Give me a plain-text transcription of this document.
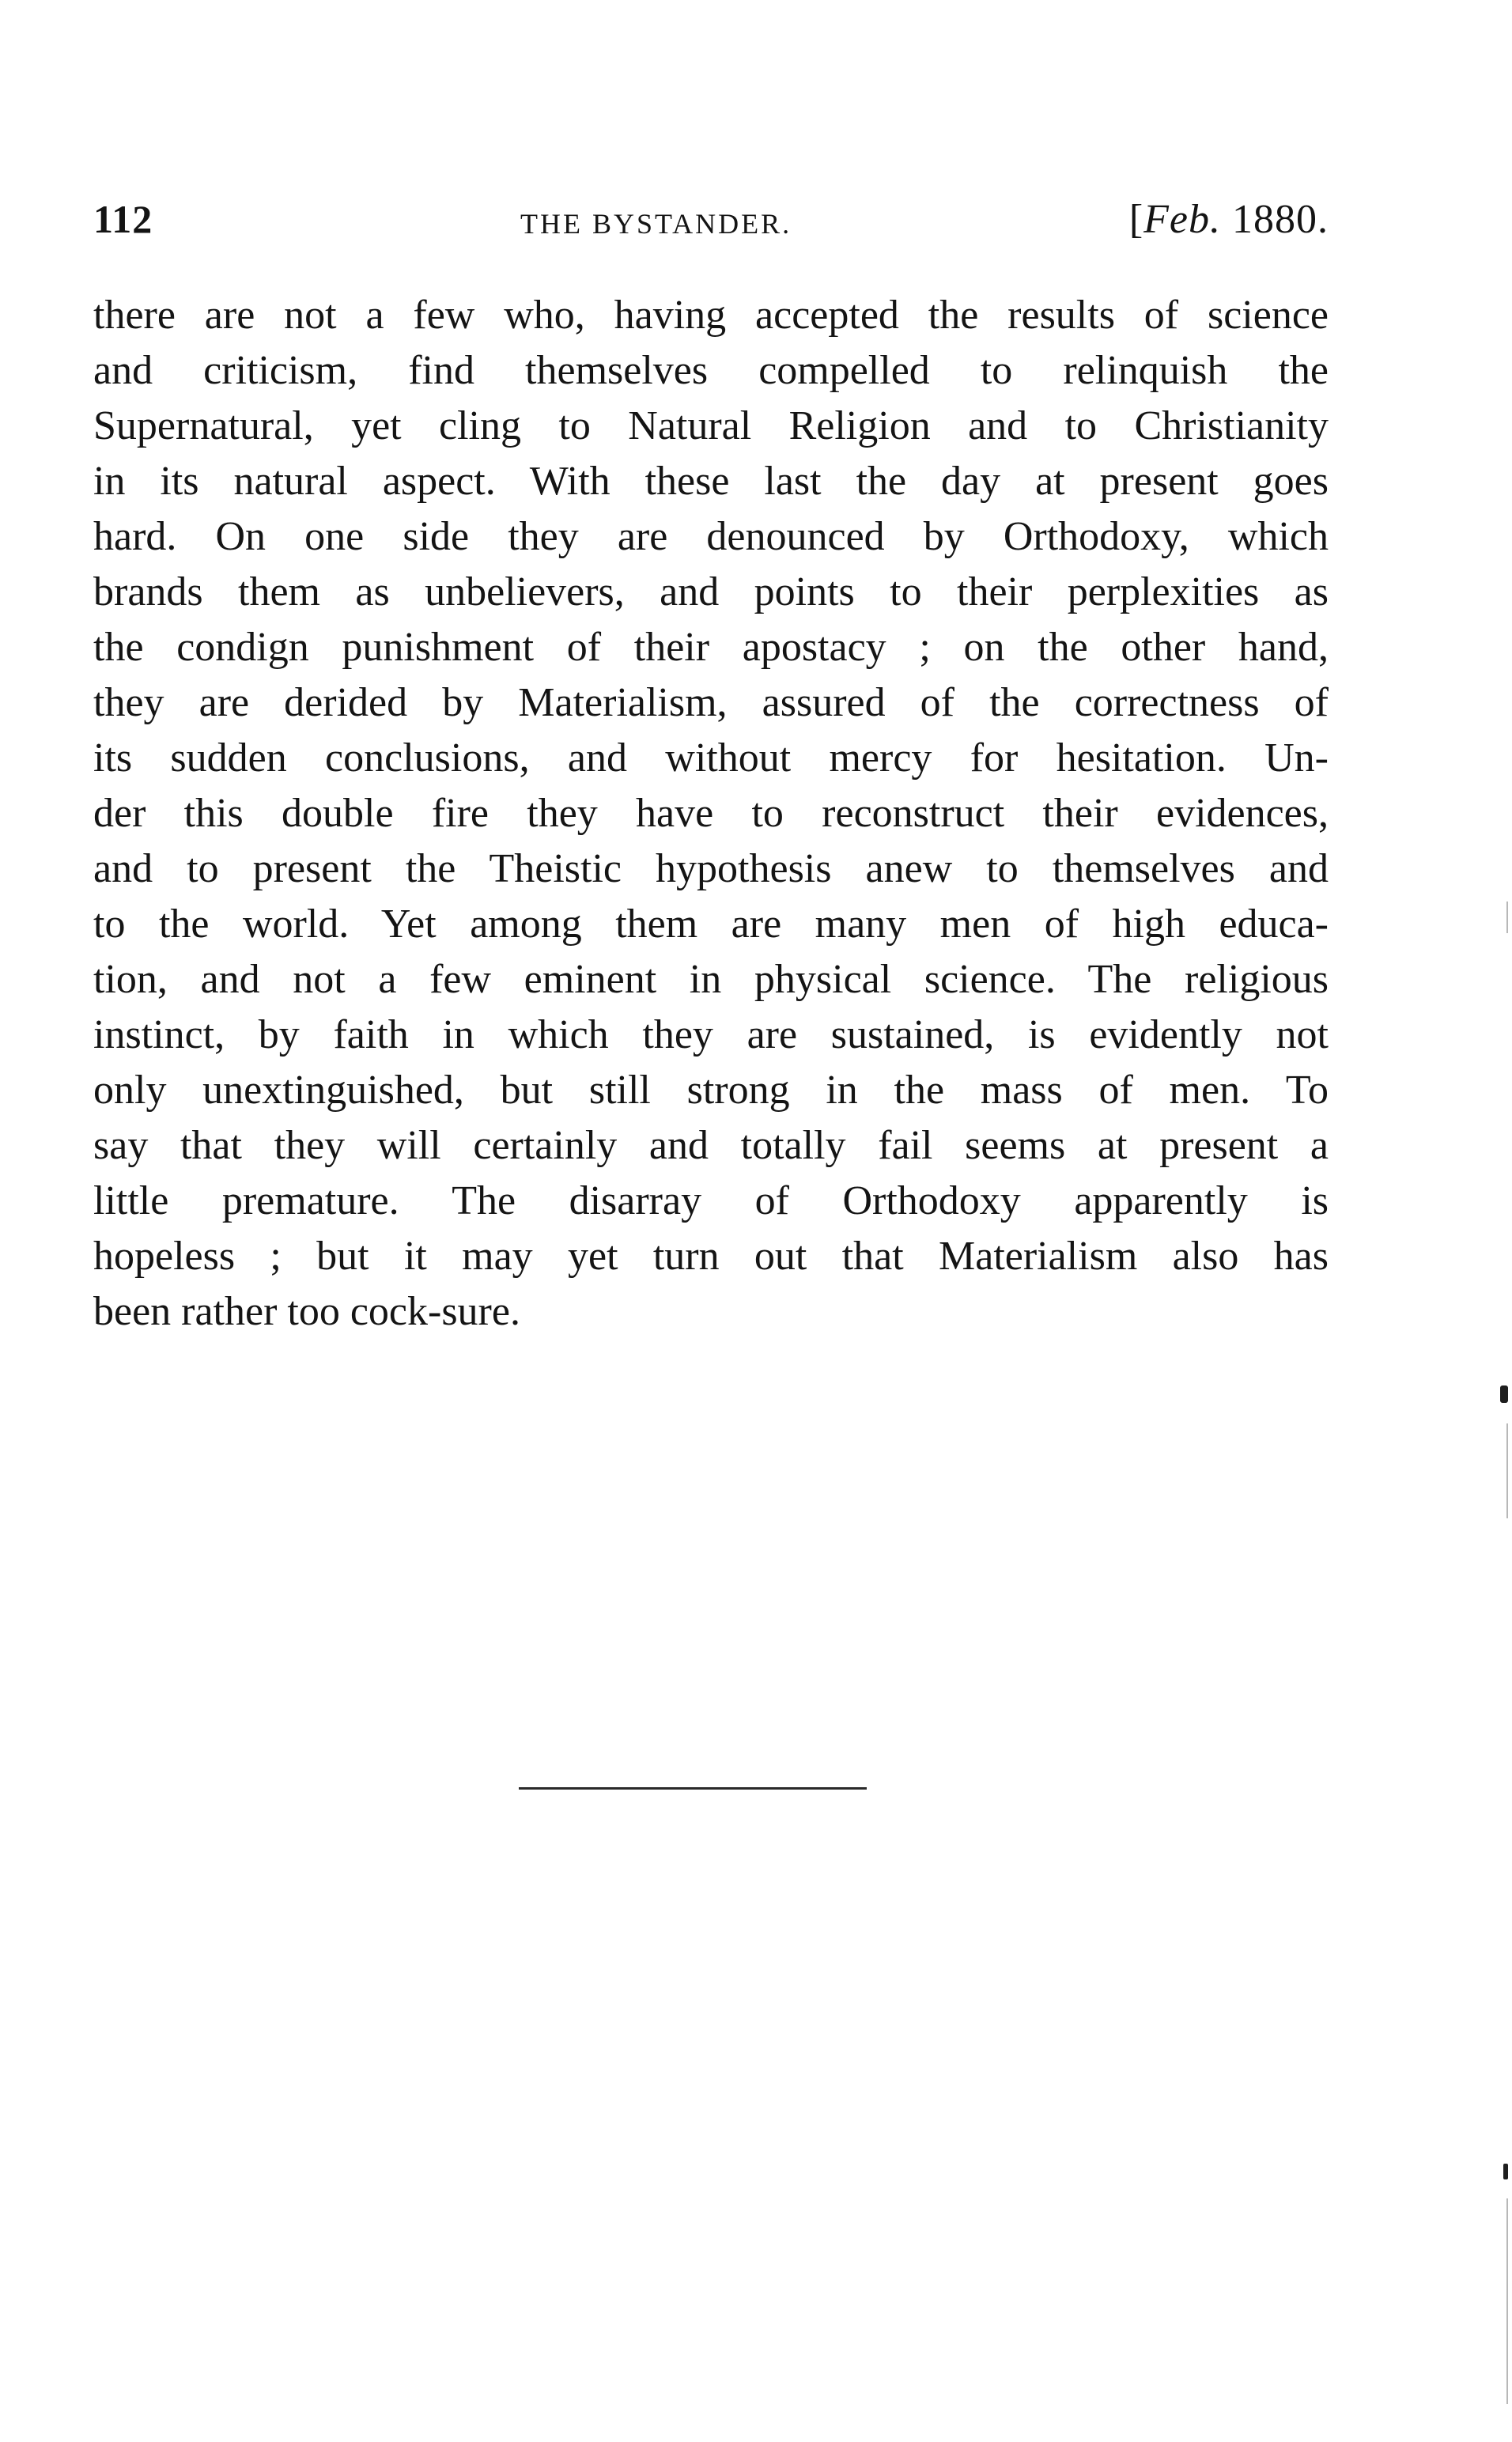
112	THE BYSTANDER.	[Feb. 1880.
there are not a few who, having accepted the results of science
and criticism, find themselves compelled to relinquish the
Supernatural, yet cling to Natural Religion and to Christianity
in its natural aspect. With these last the day at present goes
hard. On one side they are denounced by Orthodoxy, which
brands them as unbelievers, and points to their perplexities as
the condign punishment of their apostacy ; on the other hand,
they are derided by Materialism, assured of the correctness of
its sudden conclusions, and without mercy for hesitation. Un-
der this double fire they have to reconstruct their evidences,
and to present the Theistic hypothesis anew to themselves and
to the world. Yet among them are many men of high educa-
tion, and not a few eminent in physical science. The religious
instinct, by faith in which they are sustained, is evidently not
only unextinguished, but still strong in the mass of men. To
say that they will certainly and totally fail seems at present a
little premature. The disarray of Orthodoxy apparently is
hopeless ; but it may yet turn out that Materialism also has
been rather too cock-sure.
